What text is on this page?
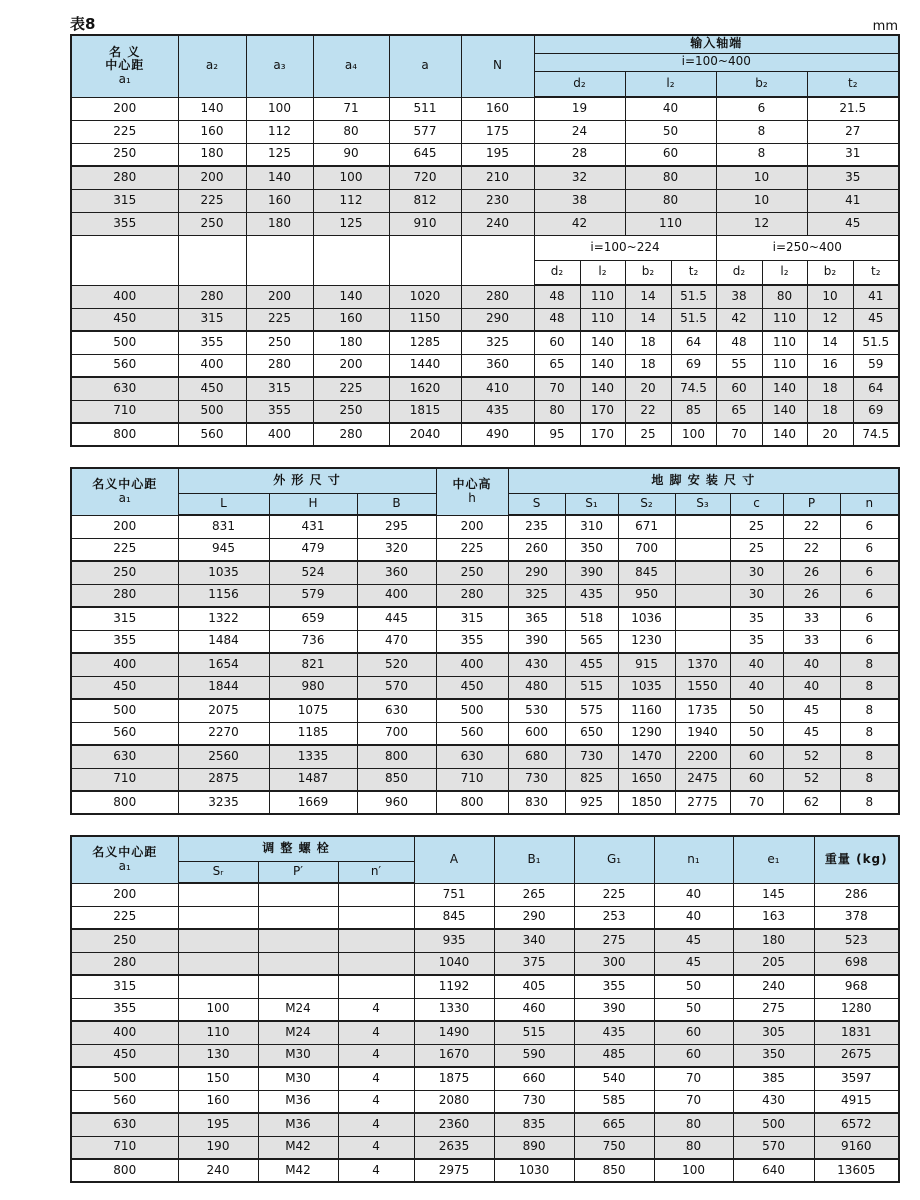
表8	mm
名 义
中心距
a₁	a₂	a₃	a₄	a	N	输入轴端							
						i=100~400							
						d₂		l₂		b₂		t₂	
200	140	100	71	511	160	19		40		6		21.5	
225	160	112	80	577	175	24		50		8		27	
250	180	125	90	645	195	28		60		8		31	
280	200	140	100	720	210	32		80		10		35	
315	225	160	112	812	230	38		80		10		41	
355	250	180	125	910	240	42		110		12		45	
						i=100~224				i=250~400			
						d₂	l₂	b₂	t₂	d₂	l₂	b₂	t₂
400	280	200	140	1020	280	48	110	14	51.5	38	80	10	41
450	315	225	160	1150	290	48	110	14	51.5	42	110	12	45
500	355	250	180	1285	325	60	140	18	64	48	110	14	51.5
560	400	280	200	1440	360	65	140	18	69	55	110	16	59
630	450	315	225	1620	410	70	140	20	74.5	60	140	18	64
710	500	355	250	1815	435	80	170	22	85	65	140	18	69
800	560	400	280	2040	490	95	170	25	100	70	140	20	74.5
名义中心距
a₁	外 形 尺 寸			中心高
h	地 脚 安 装 尺 寸						
	L	H	B		S	S₁	S₂	S₃	c	P	n
200	831	431	295	200	235	310	671		25	22	6
225	945	479	320	225	260	350	700		25	22	6
250	1035	524	360	250	290	390	845		30	26	6
280	1156	579	400	280	325	435	950		30	26	6
315	1322	659	445	315	365	518	1036		35	33	6
355	1484	736	470	355	390	565	1230		35	33	6
400	1654	821	520	400	430	455	915	1370	40	40	8
450	1844	980	570	450	480	515	1035	1550	40	40	8
500	2075	1075	630	500	530	575	1160	1735	50	45	8
560	2270	1185	700	560	600	650	1290	1940	50	45	8
630	2560	1335	800	630	680	730	1470	2200	60	52	8
710	2875	1487	850	710	730	825	1650	2475	60	52	8
800	3235	1669	960	800	830	925	1850	2775	70	62	8
名义中心距
a₁	调 整 螺 栓			A	B₁	G₁	n₁	e₁	重量 (kg)
	Sᵣ	P′	n′						
200				751	265	225	40	145	286
225				845	290	253	40	163	378
250				935	340	275	45	180	523
280				1040	375	300	45	205	698
315				1192	405	355	50	240	968
355	100	M24	4	1330	460	390	50	275	1280
400	110	M24	4	1490	515	435	60	305	1831
450	130	M30	4	1670	590	485	60	350	2675
500	150	M30	4	1875	660	540	70	385	3597
560	160	M36	4	2080	730	585	70	430	4915
630	195	M36	4	2360	835	665	80	500	6572
710	190	M42	4	2635	890	750	80	570	9160
800	240	M42	4	2975	1030	850	100	640	13605
